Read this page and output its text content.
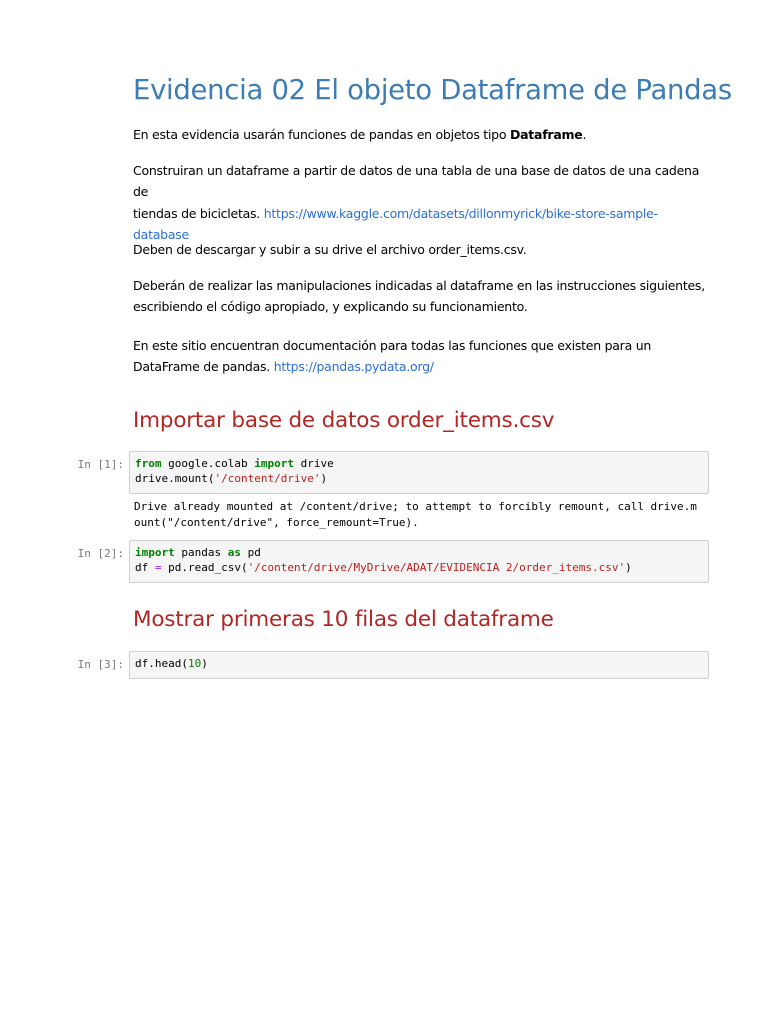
Evidencia 02 El objeto Dataframe de Pandas
En esta evidencia usarán funciones de pandas en objetos tipo Dataframe.
Construiran un dataframe a partir de datos de una tabla de una base de datos de una cadena de
tiendas de bicicletas. https://www.kaggle.com/datasets/dillonmyrick/bike-store-sample-
database
Deben de descargar y subir a su drive el archivo order_items.csv.
Deberán de realizar las manipulaciones indicadas al dataframe en las instrucciones siguientes,
escribiendo el código apropiado, y explicando su funcionamiento.
En este sitio encuentran documentación para todas las funciones que existen para un
DataFrame de pandas. https://pandas.pydata.org/
Importar base de datos order_items.csv
In [1]: from google.colab import drive
drive.mount('/content/drive')
Drive already mounted at /content/drive; to attempt to forcibly remount, call drive.m
ount("/content/drive", force_remount=True).
In [2]: import pandas as pd
df = pd.read_csv('/content/drive/MyDrive/ADAT/EVIDENCIA 2/order_items.csv')
Mostrar primeras 10 filas del dataframe
In [3]: df.head(10)
